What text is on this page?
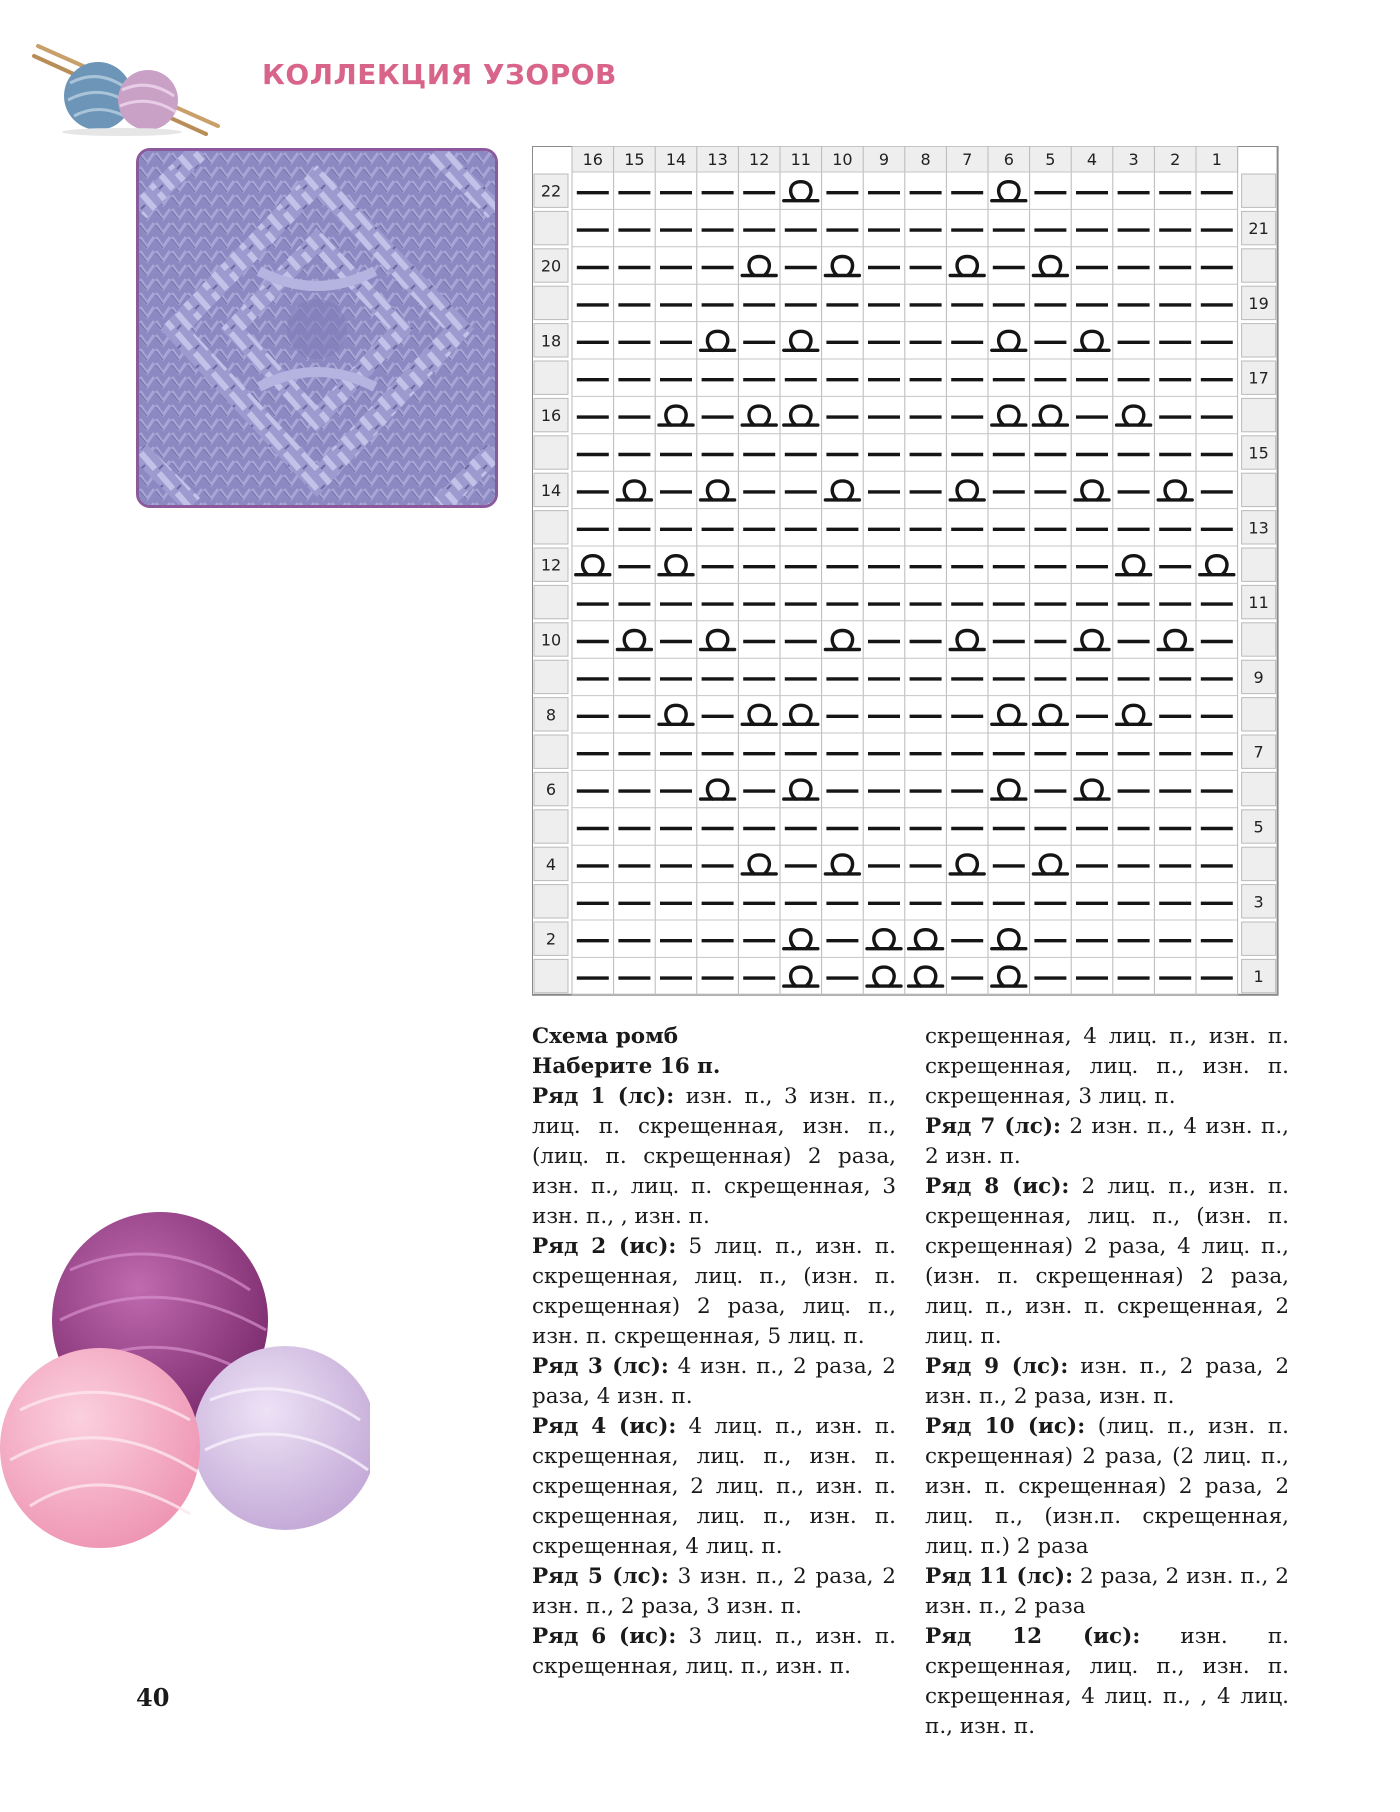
КОЛЛЕКЦИЯ УЗОРОВ
16 15 14 13 12 11 10 9 8 7 6 5 4 3 2 1
22
21
20
19
18
17
16
15
14
13
12
11
10
9
8
7
6
5
4
3
2
1

Схема ромб

Наберите 16 п.

Ряд 1 (лс): изн. п., 3 изн. п., лиц. п. скрещенная, изн. п., (лиц. п. скрещенная) 2 раза, изн. п., лиц. п. скрещенная, 3 изн. п., , изн. п.

Ряд 2 (ис): 5 лиц. п., изн. п. скрещенная, лиц. п., (изн. п. скрещенная) 2 раза, лиц. п., изн. п. скрещенная, 5 лиц. п.

Ряд 3 (лс): 4 изн. п., 2 раза, 2 раза, 4 изн. п.

Ряд 4 (ис): 4 лиц. п., изн. п. скрещенная, лиц. п., изн. п. скрещенная, 2 лиц. п., изн. п. скрещенная, лиц. п., изн. п. скрещенная, 4 лиц. п.

Ряд 5 (лс): 3 изн. п., 2 раза, 2 изн. п., 2 раза, 3 изн. п.

Ряд 6 (ис): 3 лиц. п., изн. п. скрещенная, лиц. п., изн. п.

скрещенная, 4 лиц. п., изн. п. скрещенная, лиц. п., изн. п. скрещенная, 3 лиц. п.

Ряд 7 (лс): 2 изн. п., 4 изн. п., 2 изн. п.

Ряд 8 (ис): 2 лиц. п., изн. п. скрещенная, лиц. п., (изн. п. скрещенная) 2 раза, 4 лиц. п., (изн. п. скрещенная) 2 раза, лиц. п., изн. п. скрещенная, 2 лиц. п.

Ряд 9 (лс): изн. п., 2 раза, 2 изн. п., 2 раза, изн. п.

Ряд 10 (ис): (лиц. п., изн. п. скрещенная) 2 раза, (2 лиц. п., изн. п. скрещенная) 2 раза, 2 лиц. п., (изн.п. скрещенная, лиц. п.) 2 раза

Ряд 11 (лс): 2 раза, 2 изн. п., 2 изн. п., 2 раза

Ряд 12 (ис): изн. п. скрещенная, лиц. п., изн. п. скрещенная, 4 лиц. п., , 4 лиц. п., изн. п.

40
